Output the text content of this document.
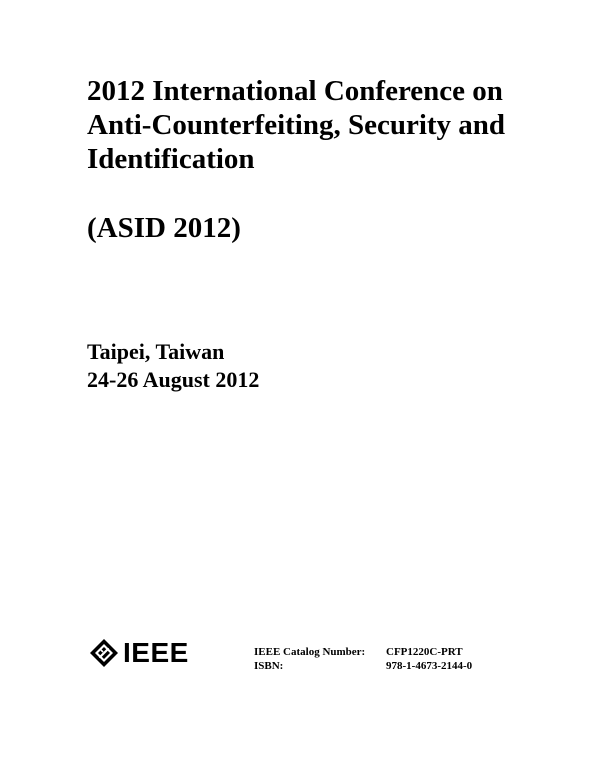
2012 International Conference on
Anti-Counterfeiting, Security and
Identification
(ASID 2012)
Taipei, Taiwan
24-26 August 2012
IEEE	IEEE Catalog Number:	CFP1220C-PRT
ISBN:	978-1-4673-2144-0
